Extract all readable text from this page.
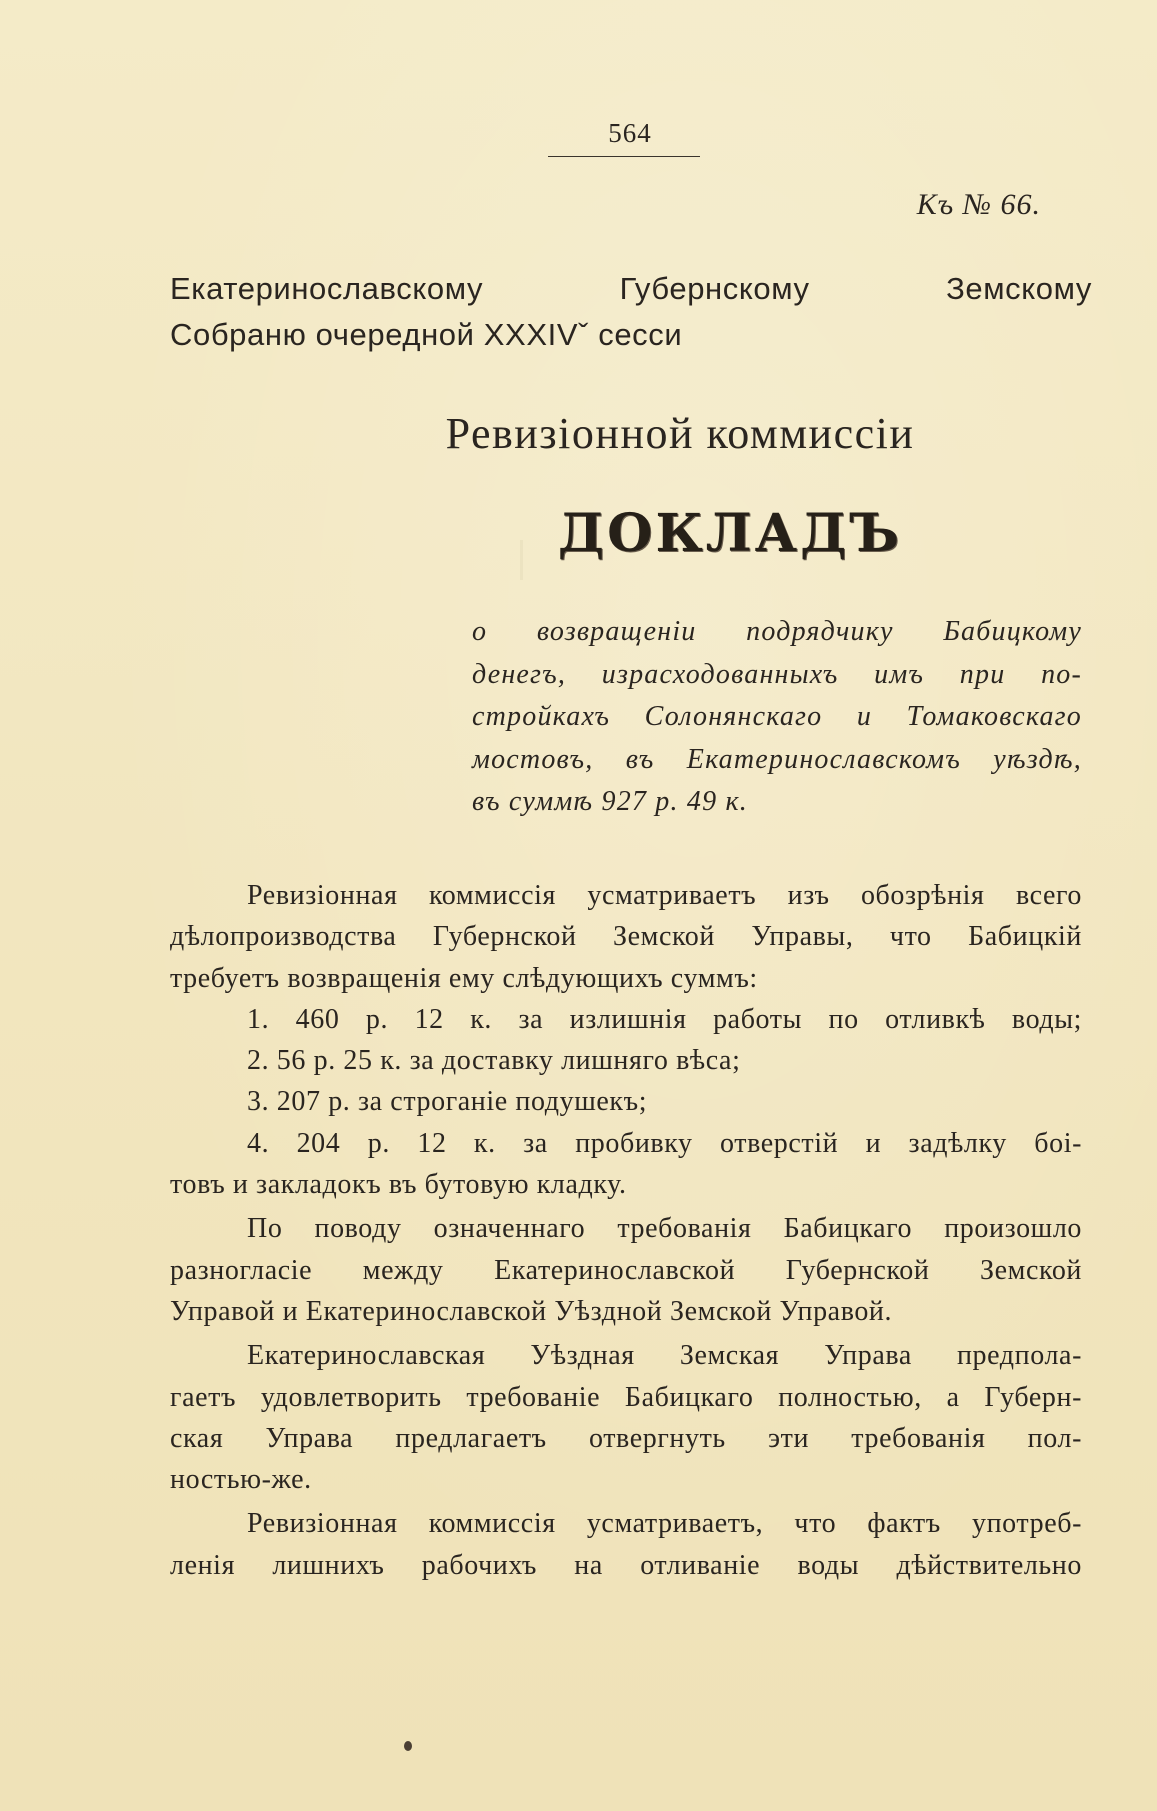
564
Къ № 66.
Екатеринославскому Губернскому Земскому
Собраню очередной XXXIVˇ сесси
Ревизіонной коммиссіи
ДОКЛАДЪ
о возвращеніи подрядчику Бабицкому
денегъ, израсходованныхъ имъ при по-
стройкахъ Солонянскаго и Томаковскаго
мостовъ, въ Екатеринославскомъ уѣздѣ,
въ суммѣ 927 р. 49 к.
Ревизіонная коммиссія усматриваетъ изъ обозрѣнія всего
дѣлопроизводства Губернской Земской Управы, что Бабицкій
требуетъ возвращенія ему слѣдующихъ суммъ:
1. 460 р. 12 к. за излишнія работы по отливкѣ воды;
2. 56 р. 25 к. за доставку лишняго вѣса;
3. 207 р. за строганіе подушекъ;
4. 204 р. 12 к. за пробивку отверстій и задѣлку боі-
товъ и закладокъ въ бутовую кладку.
По поводу означеннаго требованія Бабицкаго произошло
разногласіе между Екатеринославской Губернской Земской
Управой и Екатеринославской Уѣздной Земской Управой.
Екатеринославская Уѣздная Земская Управа предпола-
гаетъ удовлетворить требованіе Бабицкаго полностью, а Губерн-
ская Управа предлагаетъ отвергнуть эти требованія пол-
ностью-же.
Ревизіонная коммиссія усматриваетъ, что фактъ употреб-
ленія лишнихъ рабочихъ на отливаніе воды дѣйствительно
